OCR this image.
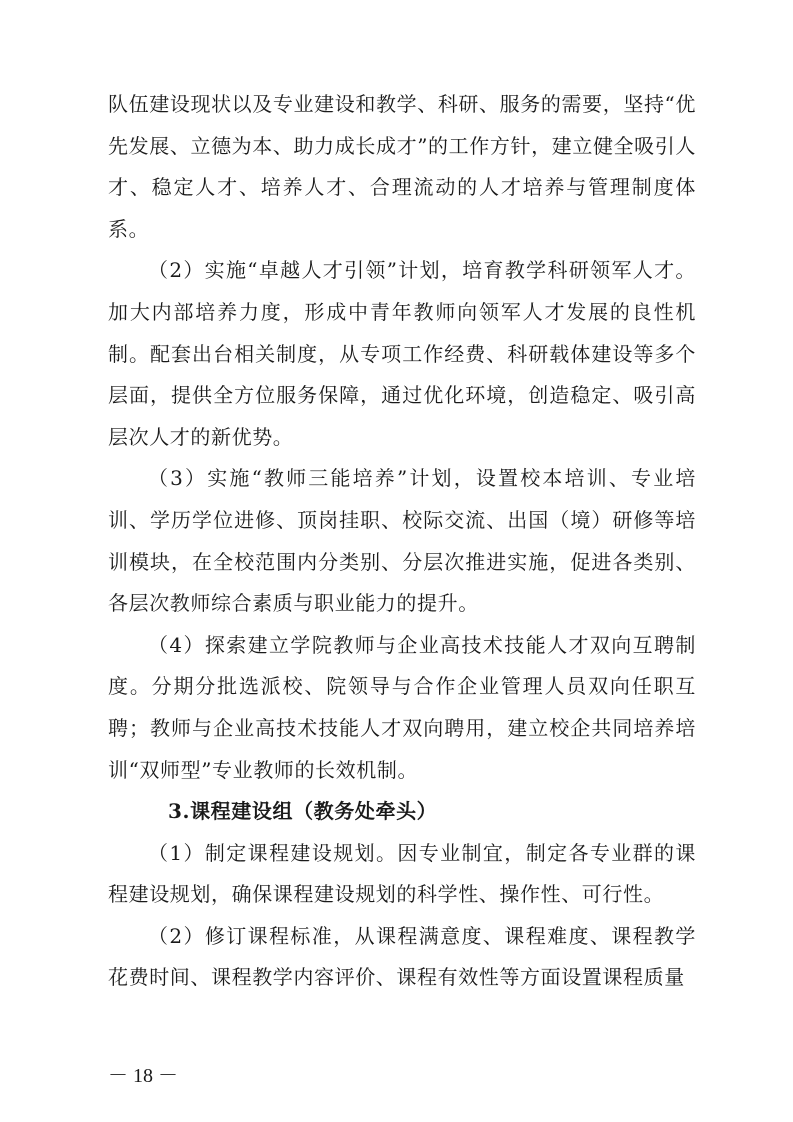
队伍建设现状以及专业建设和教学、科研、服务的需要，坚持“优先发展、立德为本、助力成长成才”的工作方针，建立健全吸引人才、稳定人才、培养人才、合理流动的人才培养与管理制度体系。

（2）实施“卓越人才引领”计划，培育教学科研领军人才。加大内部培养力度，形成中青年教师向领军人才发展的良性机制。配套出台相关制度，从专项工作经费、科研载体建设等多个层面，提供全方位服务保障，通过优化环境，创造稳定、吸引高层次人才的新优势。

（3）实施“教师三能培养”计划，设置校本培训、专业培训、学历学位进修、顶岗挂职、校际交流、出国（境）研修等培训模块，在全校范围内分类别、分层次推进实施，促进各类别、各层次教师综合素质与职业能力的提升。

（4）探索建立学院教师与企业高技术技能人才双向互聘制度。分期分批选派校、院领导与合作企业管理人员双向任职互聘；教师与企业高技术技能人才双向聘用，建立校企共同培养培训“双师型”专业教师的长效机制。

3.课程建设组（教务处牵头）

（1）制定课程建设规划。因专业制宜，制定各专业群的课程建设规划，确保课程建设规划的科学性、操作性、可行性。

（2）修订课程标准，从课程满意度、课程难度、课程教学花费时间、课程教学内容评价、课程有效性等方面设置课程质量

－ 18 －
